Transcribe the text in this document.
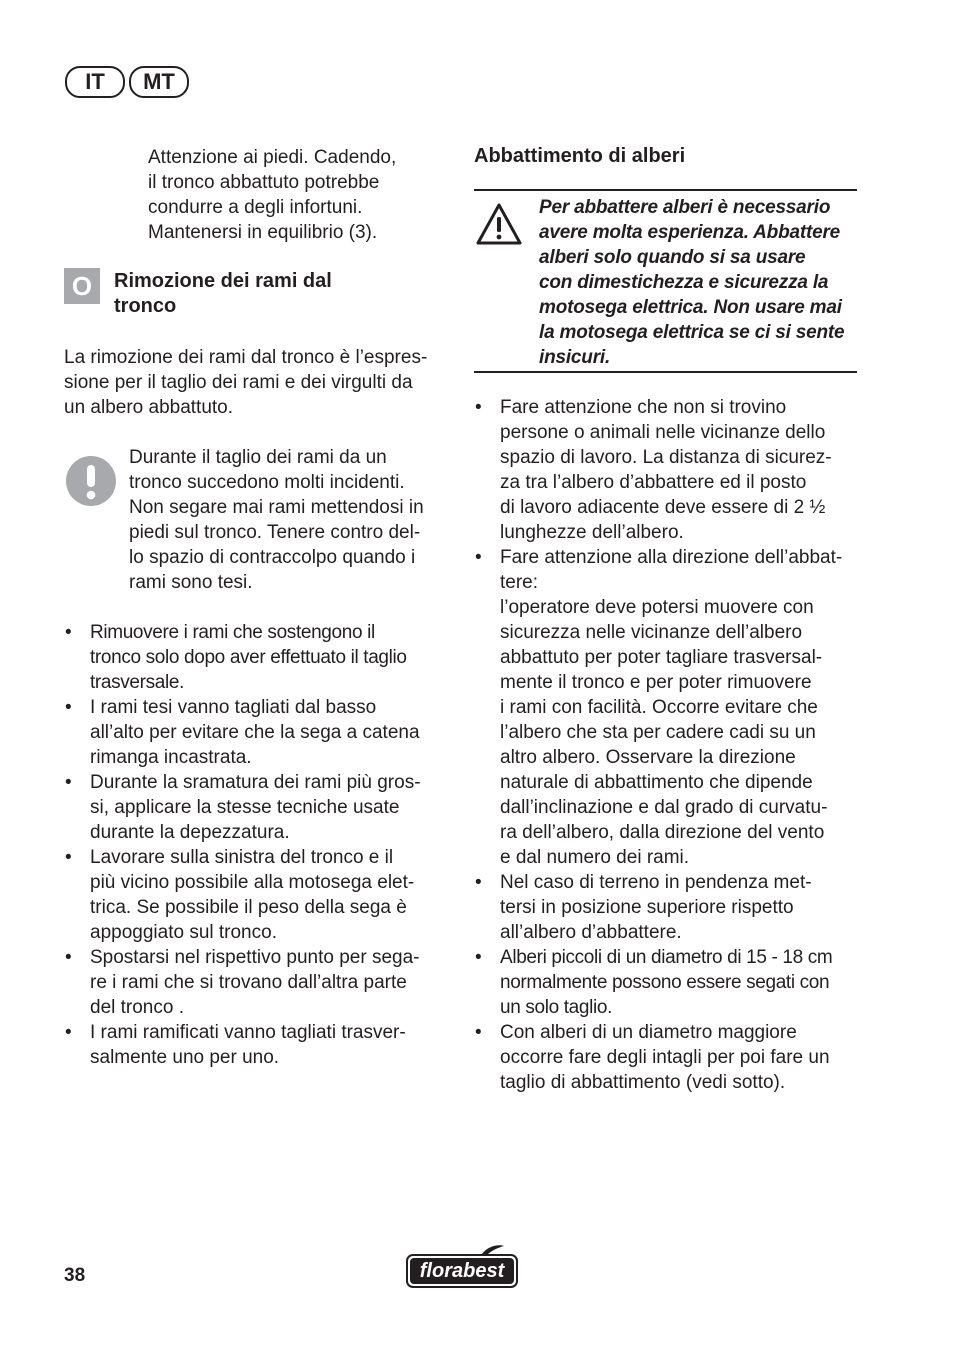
IT	MT
Attenzione ai piedi. Cadendo,
il tronco abbattuto potrebbe
condurre a degli infortuni.
Mantenersi in equilibrio (3).
O	Rimozione dei rami dal
tronco
La rimozione dei rami dal tronco è l’espres-
sione per il taglio dei rami e dei virgulti da
un albero abbattuto.
Durante il taglio dei rami da un
tronco succedono molti incidenti.
Non segare mai rami mettendosi in
piedi sul tronco. Tenere contro del-
lo spazio di contraccolpo quando i
rami sono tesi.
• Rimuovere i rami che sostengono il
tronco solo dopo aver effettuato il taglio
trasversale.
• I rami tesi vanno tagliati dal basso
all’alto per evitare che la sega a catena
rimanga incastrata.
• Durante la sramatura dei rami più gros-
si, applicare la stesse tecniche usate
durante la depezzatura.
• Lavorare sulla sinistra del tronco e il
più vicino possibile alla motosega elet-
trica. Se possibile il peso della sega è
appoggiato sul tronco.
• Spostarsi nel rispettivo punto per sega-
re i rami che si trovano dall’altra parte
del tronco .
• I rami ramificati vanno tagliati trasver-
salmente uno per uno.
Abbattimento di alberi
Per abbattere alberi è necessario
avere molta esperienza. Abbattere
alberi solo quando si sa usare
con dimestichezza e sicurezza la
motosega elettrica. Non usare mai
la motosega elettrica se ci si sente
insicuri.
• Fare attenzione che non si trovino
persone o animali nelle vicinanze dello
spazio di lavoro. La distanza di sicurez-
za tra l’albero d’abbattere ed il posto
di lavoro adiacente deve essere di 2 ½
lunghezze dell’albero.
• Fare attenzione alla direzione dell’abbat-
tere:
l’operatore deve potersi muovere con
sicurezza nelle vicinanze dell’albero
abbattuto per poter tagliare trasversal-
mente il tronco e per poter rimuovere
i rami con facilità. Occorre evitare che
l’albero che sta per cadere cadi su un
altro albero. Osservare la direzione
naturale di abbattimento che dipende
dall’inclinazione e dal grado di curvatu-
ra dell’albero, dalla direzione del vento
e dal numero dei rami.
• Nel caso di terreno in pendenza met-
tersi in posizione superiore rispetto
all’albero d’abbattere.
• Alberi piccoli di un diametro di 15 - 18 cm
normalmente possono essere segati con
un solo taglio.
• Con alberi di un diametro maggiore
occorre fare degli intagli per poi fare un
taglio di abbattimento (vedi sotto).
38	florabest
